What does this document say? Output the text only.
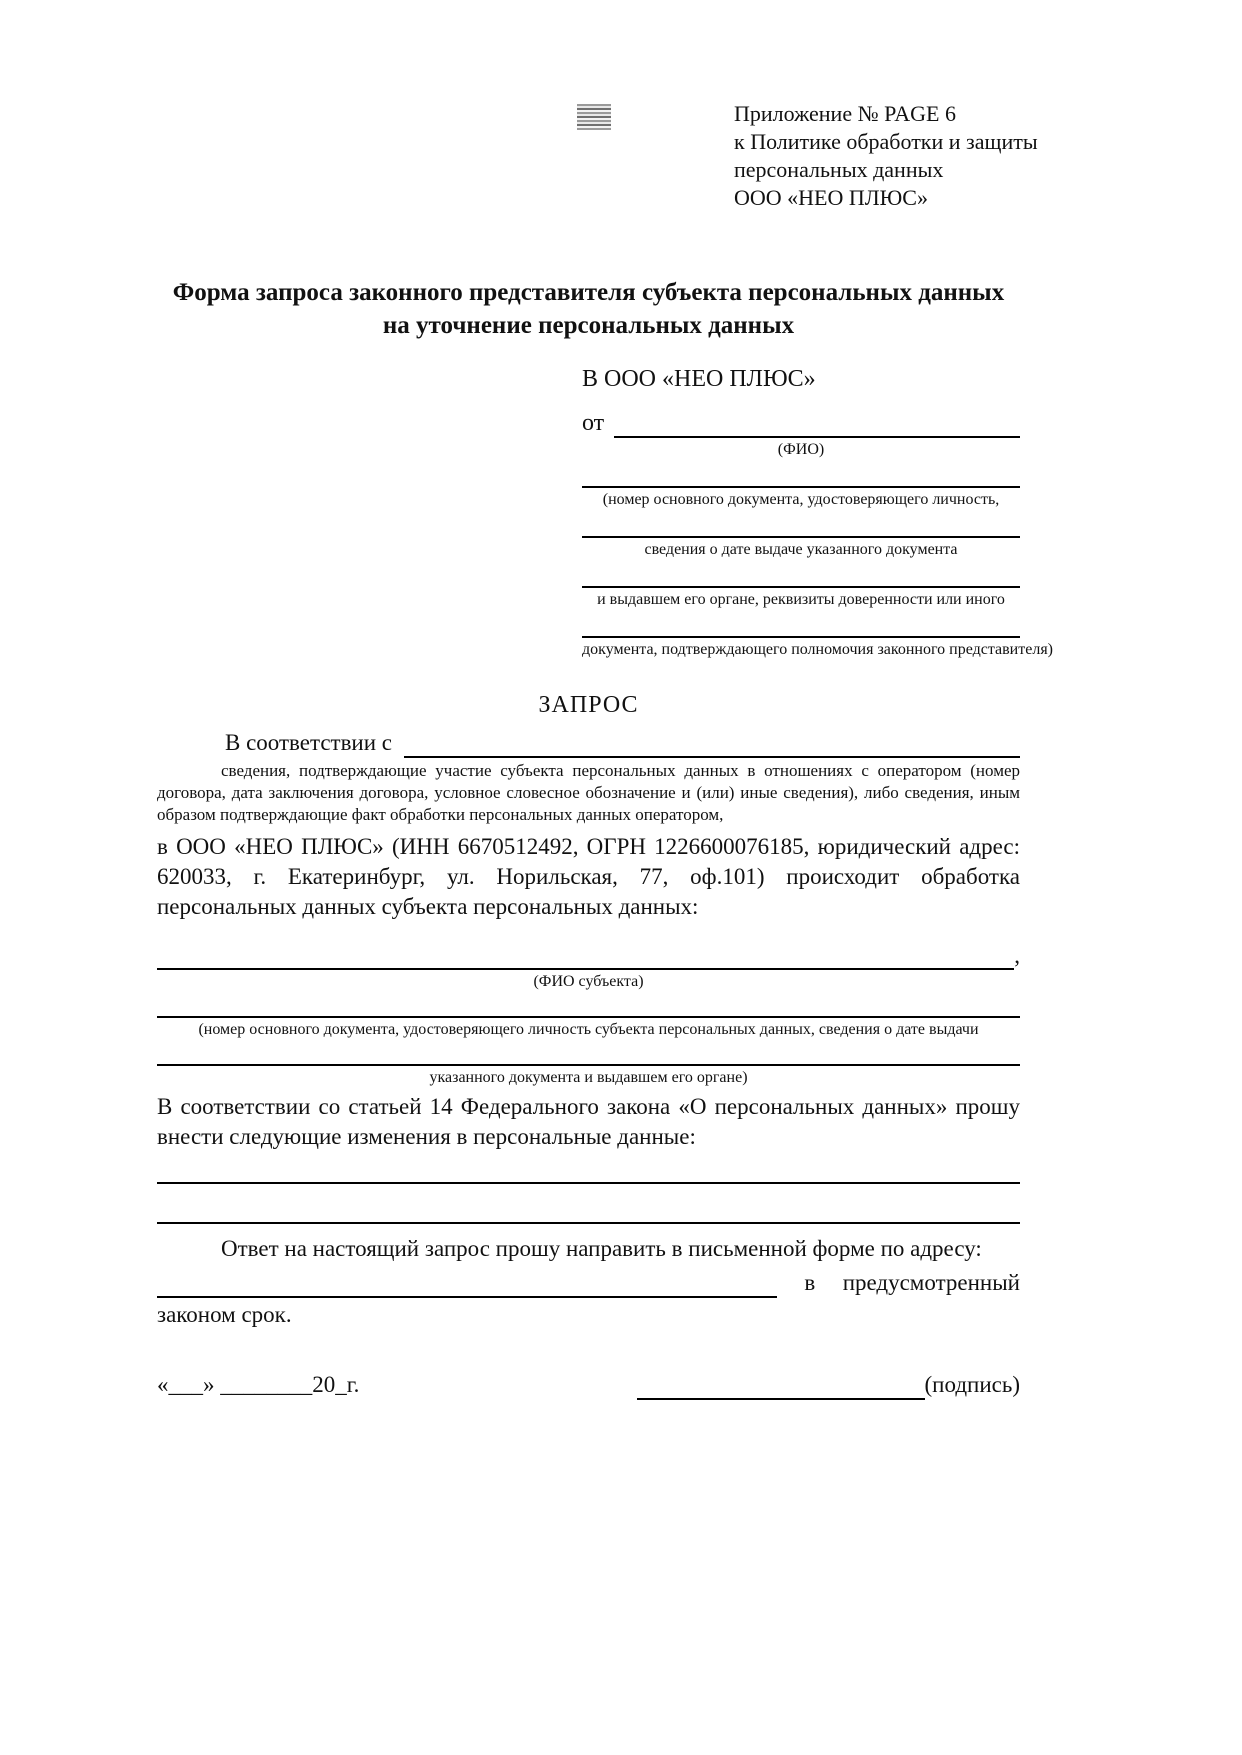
Приложение № PAGE 6
к Политике обработки и защиты
персональных данных
ООО «НЕО ПЛЮС»
Форма запроса законного представителя субъекта персональных данных
на уточнение персональных данных
В ООО «НЕО ПЛЮС»
от
(ФИО)
(номер основного документа, удостоверяющего личность,
сведения о дате выдаче указанного документа
и выдавшем его органе, реквизиты доверенности или иного
документа, подтверждающего полномочия законного представителя)
ЗАПРОС
В соответствии с

сведения, подтверждающие участие субъекта персональных данных в отношениях с оператором (номер договора, дата заключения договора, условное словесное обозначение и (или) иные сведения), либо сведения, иным образом подтверждающие факт обработки персональных данных оператором,

в ООО «НЕО ПЛЮС» (ИНН 6670512492, ОГРН 1226600076185, юридический адрес: 620033, г. Екатеринбург, ул. Норильская, 77, оф.101) происходит обработка персональных данных субъекта персональных данных:

,
(ФИО субъекта)
(номер основного документа, удостоверяющего личность субъекта персональных данных, сведения о дате выдачи
указанного документа и выдавшем его органе)

В соответствии со статьей 14 Федерального закона «О персональных данных» прошу внести следующие изменения в персональные данные:

Ответ на настоящий запрос прошу направить в письменной форме по адресу:

в предусмотренный

законом срок.

«___» ________20_г.	(подпись)
